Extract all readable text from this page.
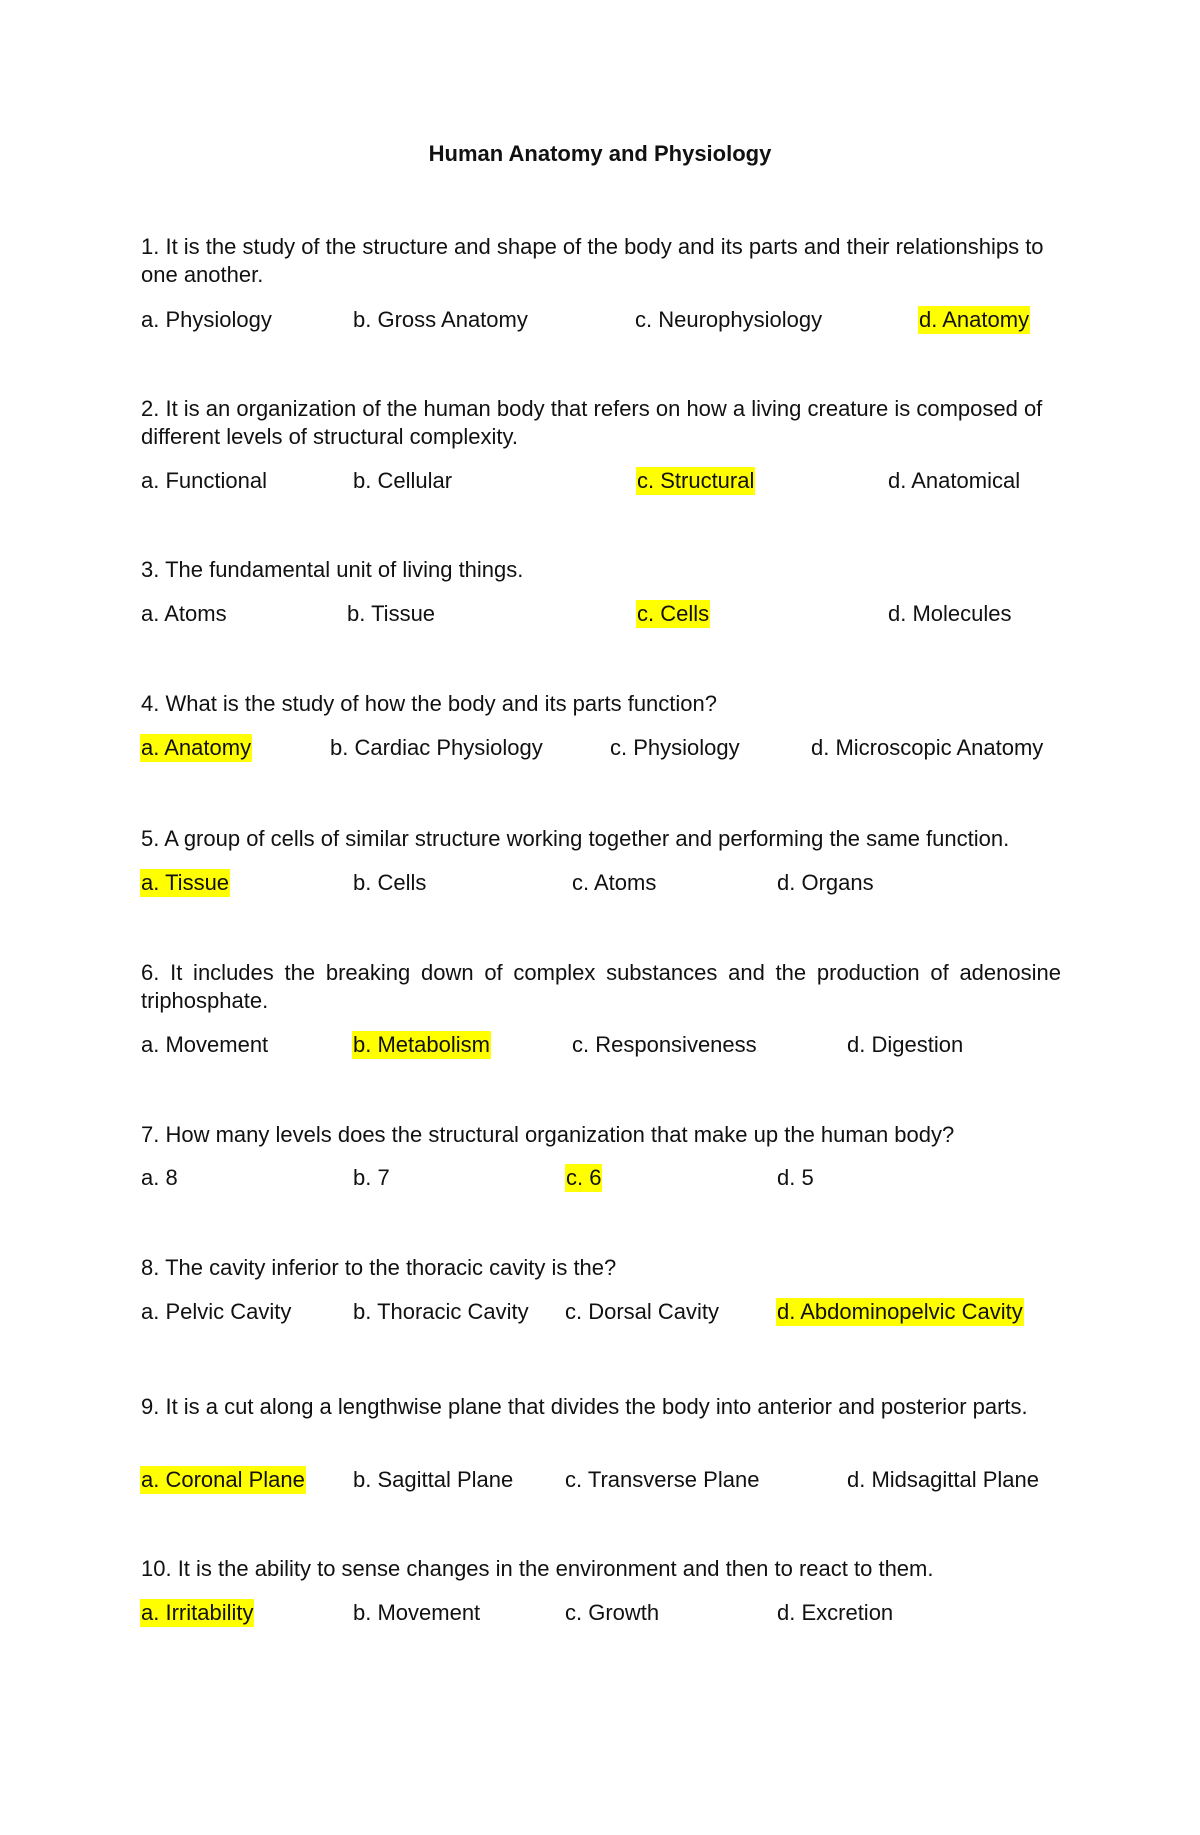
Human Anatomy and Physiology

1. It is the study of the structure and shape of the body and its parts and their relationships to one another.

a. Physiology	b. Gross Anatomy	c. Neurophysiology	d. Anatomy

2. It is an organization of the human body that refers on how a living creature is composed of different levels of structural complexity.

a. Functional	b. Cellular	c. Structural	d. Anatomical

3. The fundamental unit of living things.

a. Atoms	b. Tissue	c. Cells	d. Molecules

4. What is the study of how the body and its parts function?

a. Anatomy	b. Cardiac Physiology	c. Physiology	d. Microscopic Anatomy

5. A group of cells of similar structure working together and performing the same function.

a. Tissue	b. Cells	c. Atoms	d. Organs

6. It includes the breaking down of complex substances and the production of adenosine triphosphate.

a. Movement	b. Metabolism	c. Responsiveness	d. Digestion

7. How many levels does the structural organization that make up the human body?

a. 8	b. 7	c. 6	d. 5

8. The cavity inferior to the thoracic cavity is the?

a. Pelvic Cavity	b. Thoracic Cavity c. Dorsal Cavity	d. Abdominopelvic Cavity

9. It is a cut along a lengthwise plane that divides the body into anterior and posterior parts.

a. Coronal Plane b. Sagittal Plane c. Transverse Plane	d. Midsagittal Plane

10. It is the ability to sense changes in the environment and then to react to them.

a. Irritability	b. Movement	c. Growth	d. Excretion
